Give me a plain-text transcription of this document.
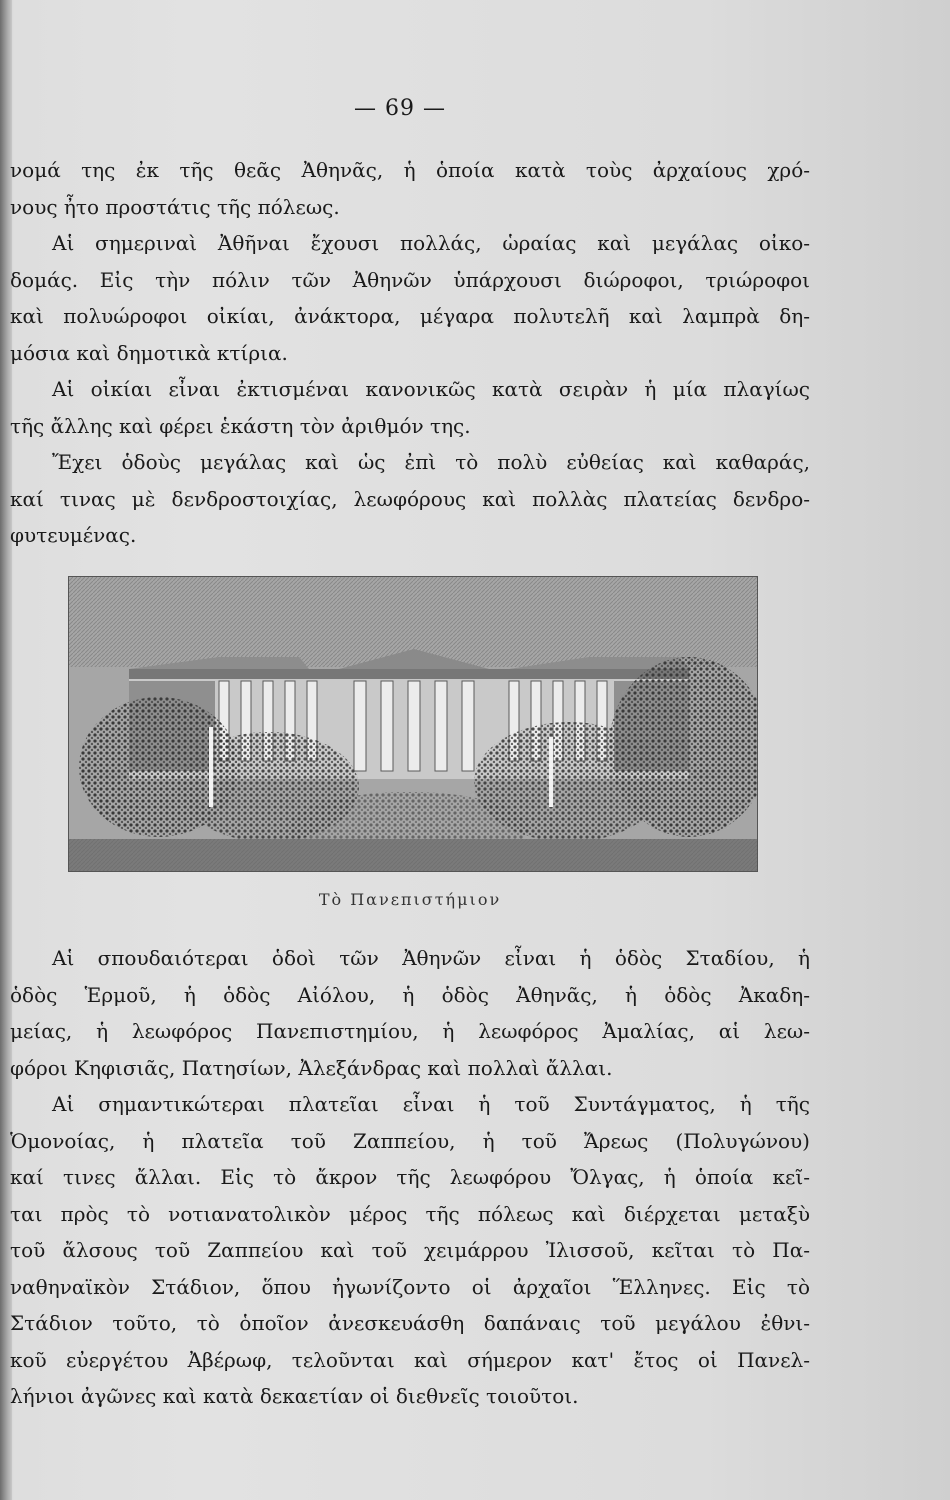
— 69 —
νομά της ἐκ τῆς θεᾶς Ἀθηνᾶς, ἡ ὁποία κατὰ τοὺς ἀρχαίους χρό-
νους ἦτο προστάτις τῆς πόλεως.
Αἱ σημεριναὶ Ἀθῆναι ἔχουσι πολλάς, ὡραίας καὶ μεγάλας οἰκο-
δομάς. Εἰς τὴν πόλιν τῶν Ἀθηνῶν ὑπάρχουσι διώροφοι, τριώροφοι
καὶ πολυώροφοι οἰκίαι, ἀνάκτορα, μέγαρα πολυτελῆ καὶ λαμπρὰ δη-
μόσια καὶ δημοτικὰ κτίρια.
Αἱ οἰκίαι εἶναι ἐκτισμέναι κανονικῶς κατὰ σειρὰν ἡ μία πλαγίως
τῆς ἄλλης καὶ φέρει ἑκάστη τὸν ἀριθμόν της.
Ἔχει ὁδοὺς μεγάλας καὶ ὡς ἐπὶ τὸ πολὺ εὐθείας καὶ καθαράς,
καί τινας μὲ δενδροστοιχίας, λεωφόρους καὶ πολλὰς πλατείας δενδρο-
φυτευμένας.
Τὸ Πανεπιστήμιον
Αἱ σπουδαιότεραι ὁδοὶ τῶν Ἀθηνῶν εἶναι ἡ ὁδὸς Σταδίου, ἡ
ὁδὸς Ἑρμοῦ, ἡ ὁδὸς Αἰόλου, ἡ ὁδὸς Ἀθηνᾶς, ἡ ὁδὸς Ἀκαδη-
μείας, ἡ λεωφόρος Πανεπιστημίου, ἡ λεωφόρος Ἀμαλίας, αἱ λεω-
φόροι Κηφισιᾶς, Πατησίων, Ἀλεξάνδρας καὶ πολλαὶ ἄλλαι.
Αἱ σημαντικώτεραι πλατεῖαι εἶναι ἡ τοῦ Συντάγματος, ἡ τῆς
Ὁμονοίας, ἡ πλατεῖα τοῦ Ζαππείου, ἡ τοῦ Ἄρεως (Πολυγώνου)
καί τινες ἄλλαι. Εἰς τὸ ἄκρον τῆς λεωφόρου Ὄλγας, ἡ ὁποία κεῖ-
ται πρὸς τὸ νοτιανατολικὸν μέρος τῆς πόλεως καὶ διέρχεται μεταξὺ
τοῦ ἄλσους τοῦ Ζαππείου καὶ τοῦ χειμάρρου Ἰλισσοῦ, κεῖται τὸ Πα-
ναθηναϊκὸν Στάδιον, ὅπου ἠγωνίζοντο οἱ ἀρχαῖοι Ἕλληνες. Εἰς τὸ
Στάδιον τοῦτο, τὸ ὁποῖον ἀνεσκευάσθη δαπάναις τοῦ μεγάλου ἐθνι-
κοῦ εὐεργέτου Ἀβέρωφ, τελοῦνται καὶ σήμερον κατ' ἔτος οἱ Πανελ-
λήνιοι ἀγῶνες καὶ κατὰ δεκαετίαν οἱ διεθνεῖς τοιοῦτοι.
